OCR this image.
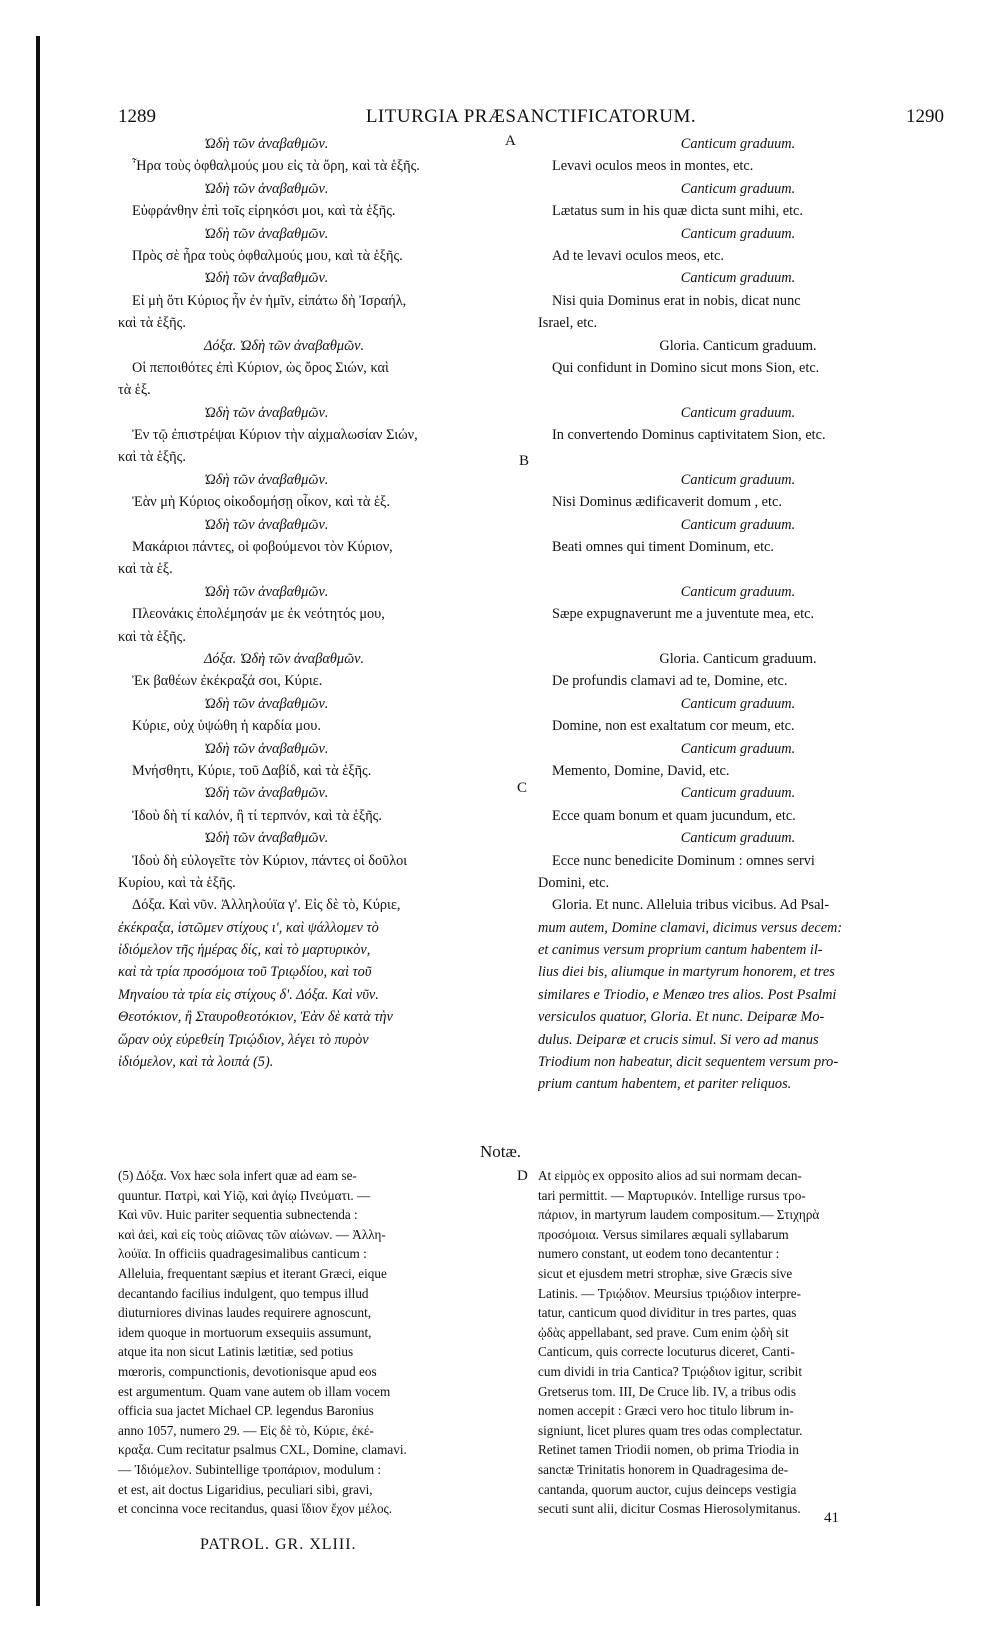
1289	LITURGIA PRÆSANCTIFICATORUM.	1290
Ὠδὴ τῶν ἀναβαθμῶν.
Ἦρα τοὺς ὀφθαλμούς μου εἰς τὰ ὄρη, καὶ τὰ ἑξῆς.
Ὠδὴ τῶν ἀναβαθμῶν.
Εὐφράνθην ἐπὶ τοῖς εἰρηκόσι μοι, καὶ τὰ ἑξῆς.
Ὠδὴ τῶν ἀναβαθμῶν.
Πρὸς σὲ ἦρα τοὺς ὀφθαλμούς μου, καὶ τὰ ἑξῆς.
Ὠδὴ τῶν ἀναβαθμῶν.
Εἰ μὴ ὅτι Κύριος ἦν ἐν ἡμῖν, εἰπάτω δὴ Ἰσραήλ,
καὶ τὰ ἑξῆς.
Δόξα. Ὠδὴ τῶν ἀναβαθμῶν.
Οἱ πεποιθότες ἐπὶ Κύριον, ὡς ὄρος Σιών, καὶ
τὰ ἑξ.
Ὠδὴ τῶν ἀναβαθμῶν.
Ἐν τῷ ἐπιστρέψαι Κύριον τὴν αἰχμαλωσίαν Σιών,
καὶ τὰ ἑξῆς.
Ὠδὴ τῶν ἀναβαθμῶν.
Ἐὰν μὴ Κύριος οἰκοδομήσῃ οἶκον, καὶ τὰ ἑξ.
Ὠδὴ τῶν ἀναβαθμῶν.
Μακάριοι πάντες, οἱ φοβούμενοι τὸν Κύριον,
καὶ τὰ ἑξ.
Ὠδὴ τῶν ἀναβαθμῶν.
Πλεονάκις ἐπολέμησάν με ἐκ νεότητός μου,
καὶ τὰ ἑξῆς.
Δόξα. Ὠδὴ τῶν ἀναβαθμῶν.
Ἐκ βαθέων ἐκέκραξά σοι, Κύριε.
Ὠδὴ τῶν ἀναβαθμῶν.
Κύριε, οὐχ ὑψώθη ἡ καρδία μου.
Ὠδὴ τῶν ἀναβαθμῶν.
Μνήσθητι, Κύριε, τοῦ Δαβίδ, καὶ τὰ ἑξῆς.
Ὠδὴ τῶν ἀναβαθμῶν.
Ἰδοὺ δὴ τί καλόν, ἢ τί τερπνόν, καὶ τὰ ἑξῆς.
Ὠδὴ τῶν ἀναβαθμῶν.
Ἰδοὺ δὴ εὐλογεῖτε τὸν Κύριον, πάντες οἱ δοῦλοι
Κυρίου, καὶ τὰ ἑξῆς.
Δόξα. Καὶ νῦν. Ἀλληλούϊα γ'. Εἰς δὲ τὸ, Κύριε,
ἐκέκραξα, ἱστῶμεν στίχους ι', καὶ ψάλλομεν τὸ
ἰδιόμελον τῆς ἡμέρας δίς, καὶ τὸ μαρτυρικὸν,
καὶ τὰ τρία προσόμοια τοῦ Τριῳδίου, καὶ τοῦ
Μηναίου τὰ τρία εἰς στίχους δ'. Δόξα. Καὶ νῦν.
Θεοτόκιον, ἢ Σταυροθεοτόκιον, Ἐὰν δὲ κατὰ τὴν
ὥραν οὐχ εὑρεθείη Τριῴδιον, λέγει τὸ πυρὸν
ἰδιόμελον, καὶ τὰ λοιπά (5).
Canticum graduum.
Levavi oculos meos in montes, etc.
Canticum graduum.
Lætatus sum in his quæ dicta sunt mihi, etc.
Canticum graduum.
Ad te levavi oculos meos, etc.
Canticum graduum.
Nisi quia Dominus erat in nobis, dicat nunc
Israel, etc.
Gloria. Canticum graduum.
Qui confidunt in Domino sicut mons Sion, etc.
Canticum graduum.
In convertendo Dominus captivitatem Sion, etc.
Canticum graduum.
Nisi Dominus ædificaverit domum , etc.
Canticum graduum.
Beati omnes qui timent Dominum, etc.
Canticum graduum.
Sæpe expugnaverunt me a juventute mea, etc.
Gloria. Canticum graduum.
De profundis clamavi ad te, Domine, etc.
Canticum graduum.
Domine, non est exaltatum cor meum, etc.
Canticum graduum.
Memento, Domine, David, etc.
Canticum graduum.
Ecce quam bonum et quam jucundum, etc.
Canticum graduum.
Ecce nunc benedicite Dominum : omnes servi
Domini, etc.
Gloria. Et nunc. Alleluia tribus vicibus. Ad Psal-
mum autem, Domine clamavi, dicimus versus decem:
et canimus versum proprium cantum habentem il-
lius diei bis, aliumque in martyrum honorem, et tres
similares e Triodio, e Menæo tres alios. Post Psalmi
versiculos quatuor, Gloria. Et nunc. Deiparæ Mo-
dulus. Deiparæ et crucis simul. Si vero ad manus
Triodium non habeatur, dicit sequentem versum pro-
prium cantum habentem, et pariter reliquos.
A
B
C
D
Notæ.
(5) Δόξα. Vox hæc sola infert quæ ad eam se-
quuntur. Πατρὶ, καὶ Υἱῷ, καὶ ἁγίῳ Πνεύματι. —
Καὶ νῦν. Huic pariter sequentia subnectenda :
καὶ ἀεὶ, καὶ εἰς τοὺς αἰῶνας τῶν αἰώνων. — Ἀλλη-
λούϊα. In officiis quadragesimalibus canticum :
Alleluia, frequentant sæpius et iterant Græci, eique
decantando facilius indulgent, quo tempus illud
diuturniores divinas laudes requirere agnoscunt,
idem quoque in mortuorum exsequiis assumunt,
atque ita non sicut Latinis lætitiæ, sed potius
mœroris, compunctionis, devotionisque apud eos
est argumentum. Quam vane autem ob illam vocem
officia sua jactet Michael CP. legendus Baronius
anno 1057, numero 29. — Εἰς δὲ τὸ, Κύριε, ἐκέ-
κραξα. Cum recitatur psalmus CXL, Domine, clamavi.
— Ἰδιόμελον. Subintellige τροπάριον, modulum :
et est, ait doctus Ligaridius, peculiari sibi, gravi,
et concinna voce recitandus, quasi ἴδιον ἔχον μέλος.
At εἰρμὸς ex opposito alios ad sui normam decan-
tari permittit. — Μαρτυρικόν. Intellige rursus τρο-
πάριον, in martyrum laudem compositum.— Στιχηρὰ
προσόμοια. Versus similares æquali syllabarum
numero constant, ut eodem tono decantentur :
sicut et ejusdem metri strophæ, sive Græcis sive
Latinis. — Τριῴδιον. Meursius τριῴδιον interpre-
tatur, canticum quod dividitur in tres partes, quas
ᾠδὰς appellabant, sed prave. Cum enim ᾠδὴ sit
Canticum, quis correcte locuturus diceret, Canti-
cum dividi in tria Cantica? Τριῴδιον igitur, scribit
Gretserus tom. III, De Cruce lib. IV, a tribus odis
nomen accepit : Græci vero hoc titulo librum in-
signiunt, licet plures quam tres odas complectatur.
Retinet tamen Triodii nomen, ob prima Triodia in
sanctæ Trinitatis honorem in Quadragesima de-
cantanda, quorum auctor, cujus deinceps vestigia
secuti sunt alii, dicitur Cosmas Hierosolymitanus.
PATROL. GR. XLIII.
41
